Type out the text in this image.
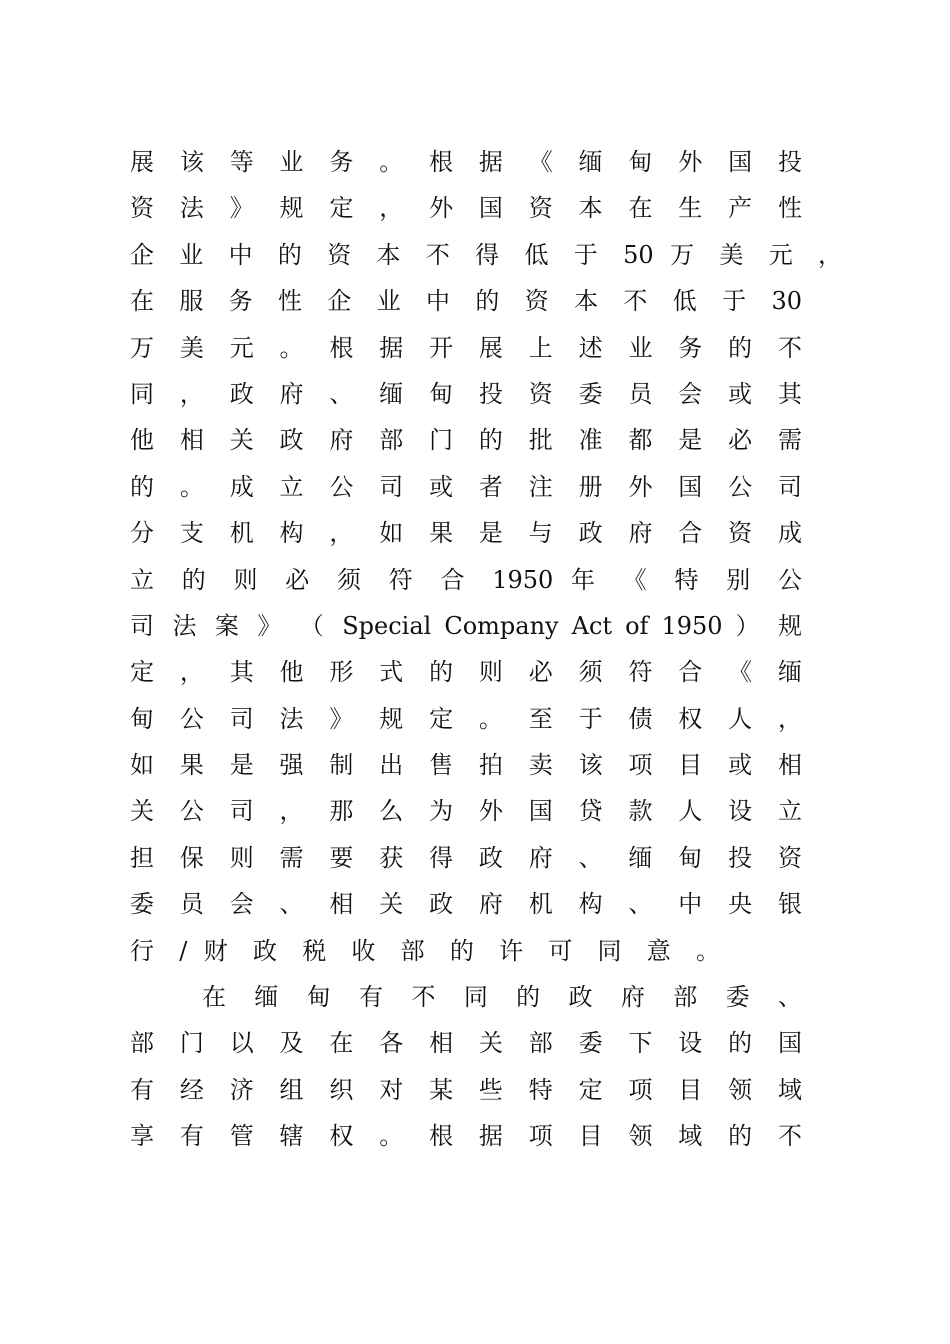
展 该 等 业 务 。 根 据 《 缅 甸 外 国 投
资 法 》 规 定 ， 外 国 资 本 在 生 产 性
企 业 中 的 资 本 不 得 低 于 50 万 美 元 ，
在 服 务 性 企 业 中 的 资 本 不 低 于 30
万 美 元 。 根 据 开 展 上 述 业 务 的 不
同 ， 政 府 、 缅 甸 投 资 委 员 会 或 其
他 相 关 政 府 部 门 的 批 准 都 是 必 需
的 。 成 立 公 司 或 者 注 册 外 国 公 司
分 支 机 构 ， 如 果 是 与 政 府 合 资 成
立 的 则 必 须 符 合 1950 年 《 特 别 公
司 法 案 》 （ Special Company Act of 1950 ） 规
定 ， 其 他 形 式 的 则 必 须 符 合 《 缅
甸 公 司 法 》 规 定 。 至 于 债 权 人 ，
如 果 是 强 制 出 售 拍 卖 该 项 目 或 相
关 公 司 ， 那 么 为 外 国 贷 款 人 设 立
担 保 则 需 要 获 得 政 府 、 缅 甸 投 资
委 员 会 、 相 关 政 府 机 构 、 中 央 银
行 / 财 政 税 收 部 的 许 可 同 意 。
在 缅 甸 有 不 同 的 政 府 部 委 、
部 门 以 及 在 各 相 关 部 委 下 设 的 国
有 经 济 组 织 对 某 些 特 定 项 目 领 域
享 有 管 辖 权 。 根 据 项 目 领 域 的 不
